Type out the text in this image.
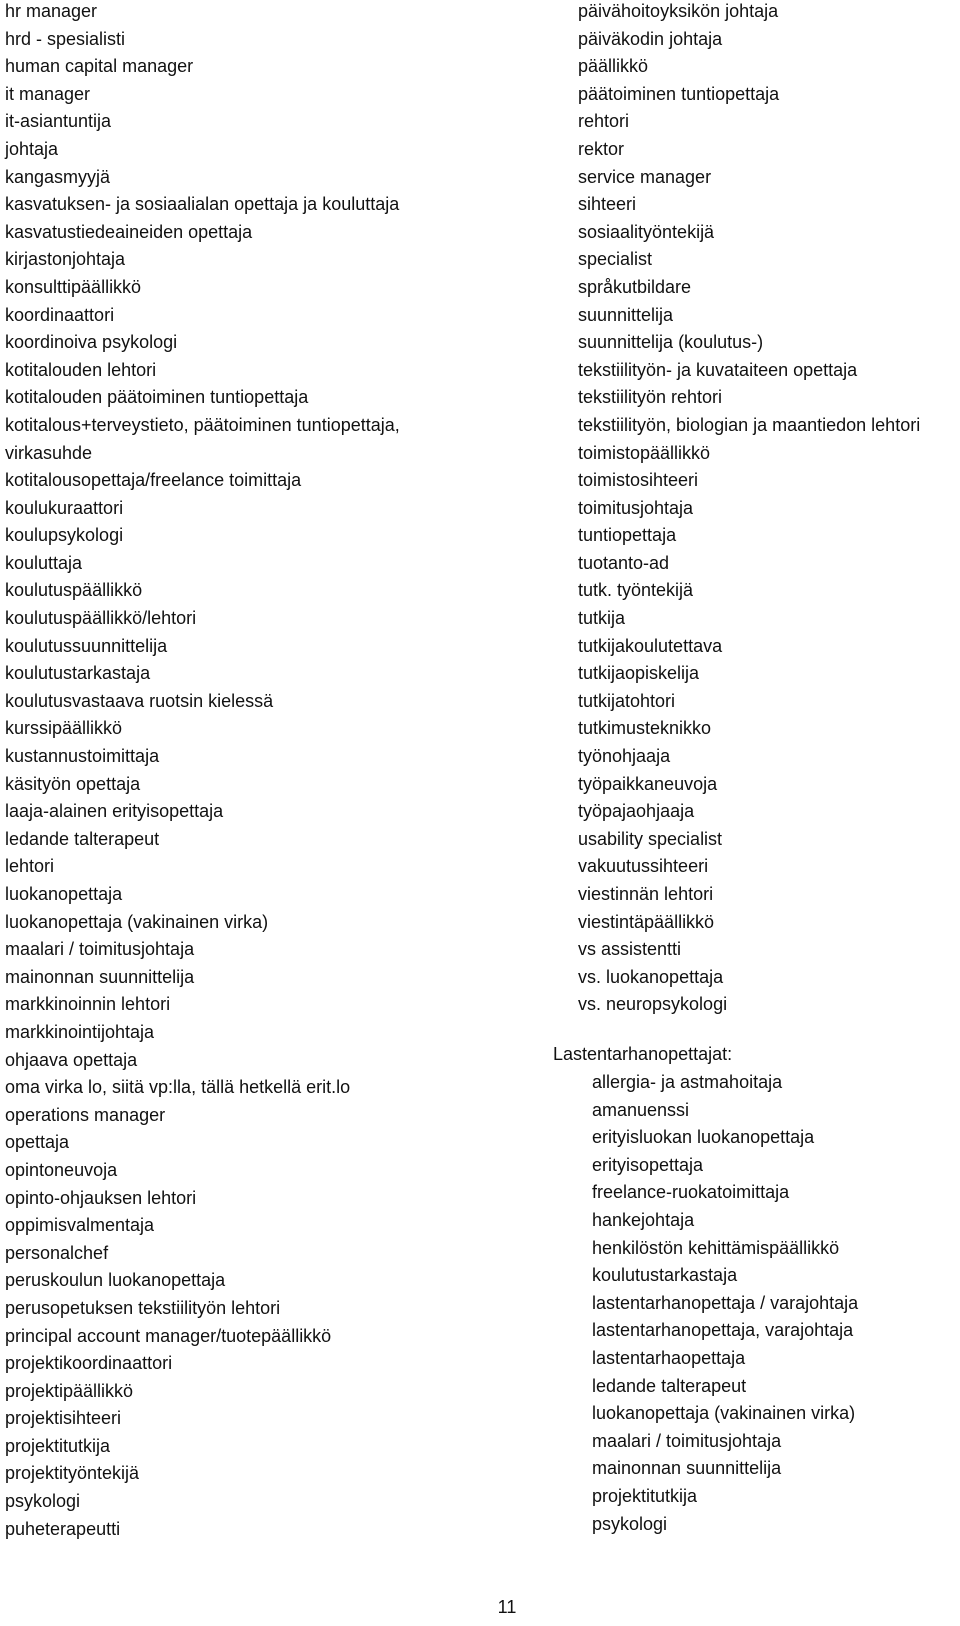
hr manager
hrd - spesialisti
human capital manager
it manager
it-asiantuntija
johtaja
kangasmyyjä
kasvatuksen- ja sosiaalialan opettaja ja kouluttaja
kasvatustiedeaineiden opettaja
kirjastonjohtaja
konsulttipäällikkö
koordinaattori
koordinoiva psykologi
kotitalouden lehtori
kotitalouden päätoiminen tuntiopettaja
kotitalous+terveystieto, päätoiminen tuntiopettaja,
virkasuhde
kotitalousopettaja/freelance toimittaja
koulukuraattori
koulupsykologi
kouluttaja
koulutuspäällikkö
koulutuspäällikkö/lehtori
koulutussuunnittelija
koulutustarkastaja
koulutusvastaava ruotsin kielessä
kurssipäällikkö
kustannustoimittaja
käsityön opettaja
laaja-alainen erityisopettaja
ledande talterapeut
lehtori
luokanopettaja
luokanopettaja (vakinainen virka)
maalari / toimitusjohtaja
mainonnan suunnittelija
markkinoinnin lehtori
markkinointijohtaja
ohjaava opettaja
oma virka lo, siitä vp:lla, tällä hetkellä erit.lo
operations manager
opettaja
opintoneuvoja
opinto-ohjauksen lehtori
oppimisvalmentaja
personalchef
peruskoulun luokanopettaja
perusopetuksen tekstiilityön lehtori
principal account manager/tuotepäällikkö
projektikoordinaattori
projektipäällikkö
projektisihteeri
projektitutkija
projektityöntekijä
psykologi
puheterapeutti
päivähoitoyksikön johtaja
päiväkodin johtaja
päällikkö
päätoiminen tuntiopettaja
rehtori
rektor
service manager
sihteeri
sosiaalityöntekijä
specialist
språkutbildare
suunnittelija
suunnittelija (koulutus-)
tekstiilityön- ja kuvataiteen opettaja
tekstiilityön rehtori
tekstiilityön, biologian ja maantiedon lehtori
toimistopäällikkö
toimistosihteeri
toimitusjohtaja
tuntiopettaja
tuotanto-ad
tutk. työntekijä
tutkija
tutkijakoulutettava
tutkijaopiskelija
tutkijatohtori
tutkimusteknikko
työnohjaaja
työpaikkaneuvoja
työpajaohjaaja
usability specialist
vakuutussihteeri
viestinnän lehtori
viestintäpäällikkö
vs assistentti
vs. luokanopettaja
vs. neuropsykologi
Lastentarhanopettajat:
allergia- ja astmahoitaja
amanuenssi
erityisluokan luokanopettaja
erityisopettaja
freelance-ruokatoimittaja
hankejohtaja
henkilöstön kehittämispäällikkö
koulutustarkastaja
lastentarhanopettaja / varajohtaja
lastentarhanopettaja, varajohtaja
lastentarhaopettaja
ledande talterapeut
luokanopettaja (vakinainen virka)
maalari / toimitusjohtaja
mainonnan suunnittelija
projektitutkija
psykologi
11
